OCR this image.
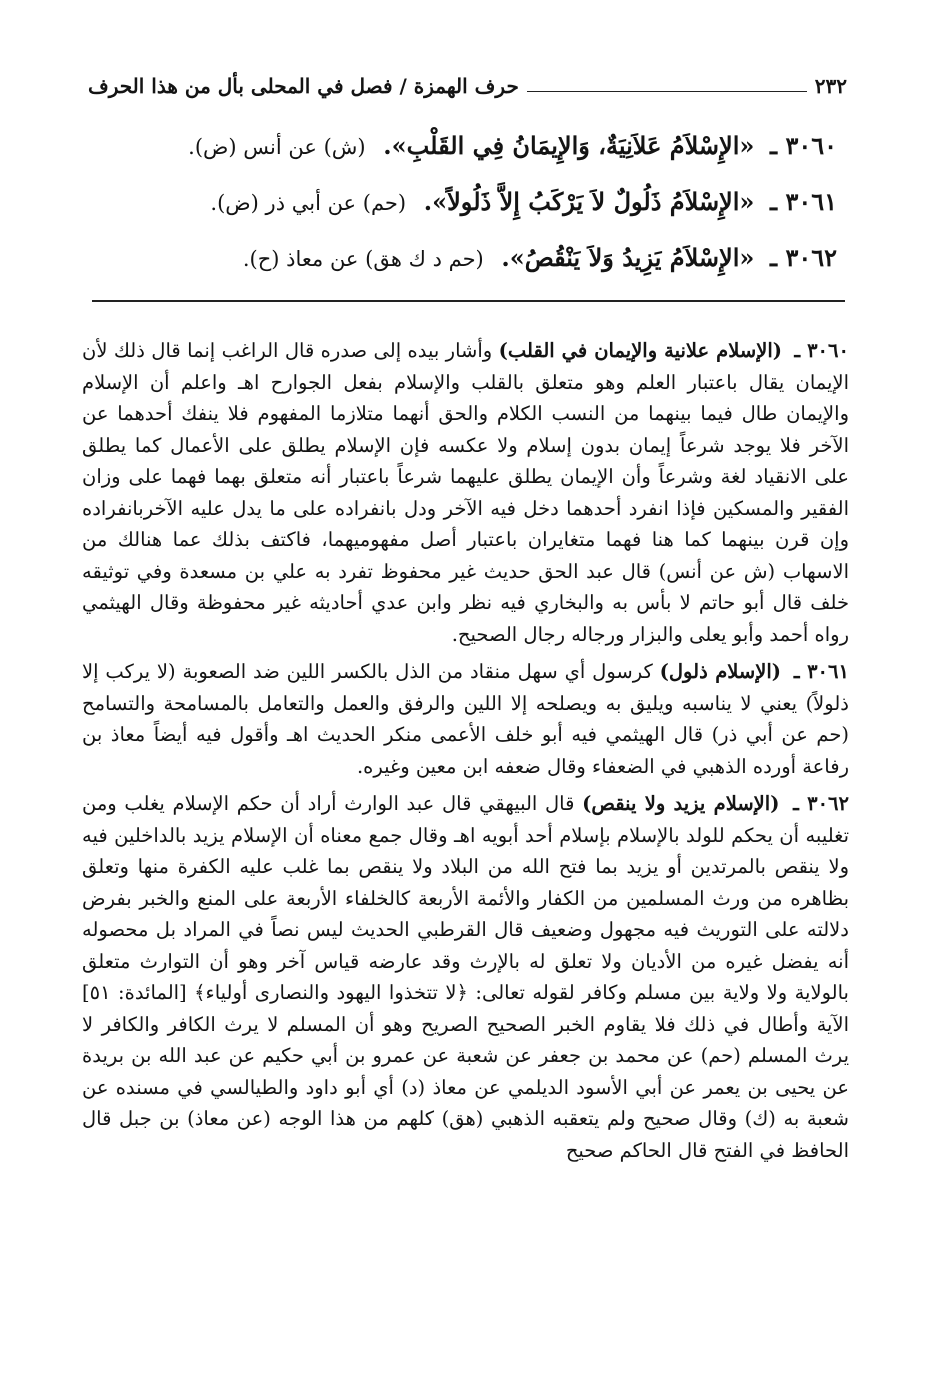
٢٣٢
حرف الهمزة / فصل في المحلى بأل من هذا الحرف
٣٠٦٠ ـ «الإِسْلاَمُ عَلاَنِيَةٌ، وَالإِيمَانُ فِي القَلْبِ». (ش) عن أنس (ض).
٣٠٦١ ـ «الإِسْلاَمُ ذَلُولٌ لاَ يَرْكَبُ إِلاَّ ذَلُولاً». (حم) عن أبي ذر (ض).
٣٠٦٢ ـ «الإِسْلاَمُ يَزِيدُ وَلاَ يَنْقُصُ». (حم د ك هق) عن معاذ (ح).

٣٠٦٠ ـ (الإسلام علانية والإيمان في القلب) وأشار بيده إلى صدره قال الراغب إنما قال ذلك لأن الإيمان يقال باعتبار العلم وهو متعلق بالقلب والإسلام بفعل الجوارح اهـ واعلم أن الإسلام والإيمان طال فيما بينهما من النسب الكلام والحق أنهما متلازما المفهوم فلا ينفك أحدهما عن الآخر فلا يوجد شرعاً إيمان بدون إسلام ولا عكسه فإن الإسلام يطلق على الأعمال كما يطلق على الانقياد لغة وشرعاً وأن الإيمان يطلق عليهما شرعاً باعتبار أنه متعلق بهما فهما على وزان الفقير والمسكين فإذا انفرد أحدهما دخل فيه الآخر ودل بانفراده على ما يدل عليه الآخربانفراده وإن قرن بينهما كما هنا فهما متغايران باعتبار أصل مفهوميهما، فاكتف بذلك عما هنالك من الاسهاب (ش عن أنس) قال عبد الحق حديث غير محفوظ تفرد به علي بن مسعدة وفي توثيقه خلف قال أبو حاتم لا بأس به والبخاري فيه نظر وابن عدي أحاديثه غير محفوظة وقال الهيثمي رواه أحمد وأبو يعلى والبزار ورجاله رجال الصحيح.

٣٠٦١ ـ (الإسلام ذلول) كرسول أي سهل منقاد من الذل بالكسر اللين ضد الصعوبة (لا يركب إلا ذلولاً) يعني لا يناسبه ويليق به ويصلحه إلا اللين والرفق والعمل والتعامل بالمسامحة والتسامح (حم عن أبي ذر) قال الهيثمي فيه أبو خلف الأعمى منكر الحديث اهـ وأقول فيه أيضاً معاذ بن رفاعة أورده الذهبي في الضعفاء وقال ضعفه ابن معين وغيره.

٣٠٦٢ ـ (الإسلام يزيد ولا ينقص) قال البيهقي قال عبد الوارث أراد أن حكم الإسلام يغلب ومن تغليبه أن يحكم للولد بالإسلام بإسلام أحد أبويه اهـ وقال جمع معناه أن الإسلام يزيد بالداخلين فيه ولا ينقص بالمرتدين أو يزيد بما فتح الله من البلاد ولا ينقص بما غلب عليه الكفرة منها وتعلق بظاهره من ورث المسلمين من الكفار والأئمة الأربعة كالخلفاء الأربعة على المنع والخبر بفرض دلالته على التوريث فيه مجهول وضعيف قال القرطبي الحديث ليس نصاً في المراد بل محصوله أنه يفضل غيره من الأديان ولا تعلق له بالإرث وقد عارضه قياس آخر وهو أن التوارث متعلق بالولاية ولا ولاية بين مسلم وكافر لقوله تعالى: ﴿لا تتخذوا اليهود والنصارى أولياء﴾ [المائدة: ٥١] الآية وأطال في ذلك فلا يقاوم الخبر الصحيح الصريح وهو أن المسلم لا يرث الكافر والكافر لا يرث المسلم (حم) عن محمد بن جعفر عن شعبة عن عمرو بن أبي حكيم عن عبد الله بن بريدة عن يحيى بن يعمر عن أبي الأسود الديلمي عن معاذ (د) أي أبو داود والطيالسي في مسنده عن شعبة به (ك) وقال صحيح ولم يتعقبه الذهبي (هق) كلهم من هذا الوجه (عن معاذ) بن جبل قال الحافظ في الفتح قال الحاكم صحيح
